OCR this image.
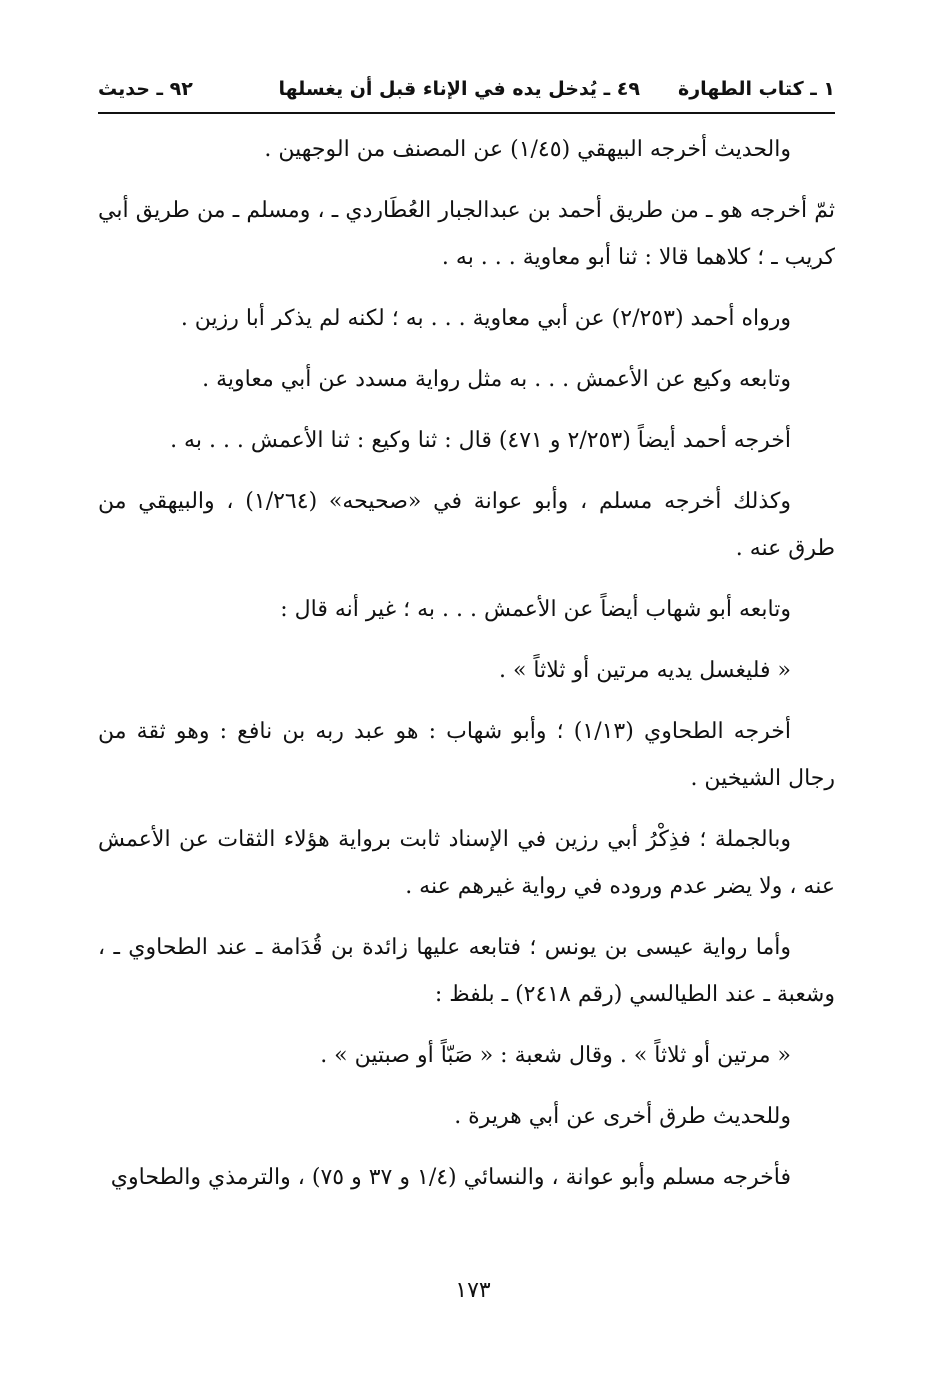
١ ـ كتاب الطهارة
٤٩ ـ يُدخل يده في الإناء قبل أن يغسلها
٩٢ ـ حديث

والحديث أخرجه البيهقي (١/٤٥) عن المصنف من الوجهين .

ثمّ أخرجه هو ـ من طريق أحمد بن عبدالجبار العُطَاردي ـ ، ومسلم ـ من طريق أبي كريب ـ ؛ كلاهما قالا : ثنا أبو معاوية . . . به .

ورواه أحمد (٢/٢٥٣) عن أبي معاوية . . . به ؛ لكنه لم يذكر أبا رزين .

وتابعه وكيع عن الأعمش . . . به مثل رواية مسدد عن أبي معاوية .

أخرجه أحمد أيضاً (٢/٢٥٣ و ٤٧١) قال : ثنا وكيع : ثنا الأعمش . . . به .

وكذلك أخرجه مسلم ، وأبو عوانة في «صحيحه» (١/٢٦٤) ، والبيهقي من طرق عنه .

وتابعه أبو شهاب أيضاً عن الأعمش . . . به ؛ غير أنه قال :

« فليغسل يديه مرتين أو ثلاثاً » .

أخرجه الطحاوي (١/١٣) ؛ وأبو شهاب : هو عبد ربه بن نافع : وهو ثقة من رجال الشيخين .

وبالجملة ؛ فذِكْرُ أبي رزين في الإسناد ثابت برواية هؤلاء الثقات عن الأعمش عنه ، ولا يضر عدم وروده في رواية غيرهم عنه .

وأما رواية عيسى بن يونس ؛ فتابعه عليها زائدة بن قُدَامة ـ عند الطحاوي ـ ، وشعبة ـ عند الطيالسي (رقم ٢٤١٨) ـ بلفظ :

« مرتين أو ثلاثاً » . وقال شعبة : « صَبّاً أو صبتين » .

وللحديث طرق أخرى عن أبي هريرة .

فأخرجه مسلم وأبو عوانة ، والنسائي (١/٤ و ٣٧ و ٧٥) ، والترمذي والطحاوي

١٧٣
